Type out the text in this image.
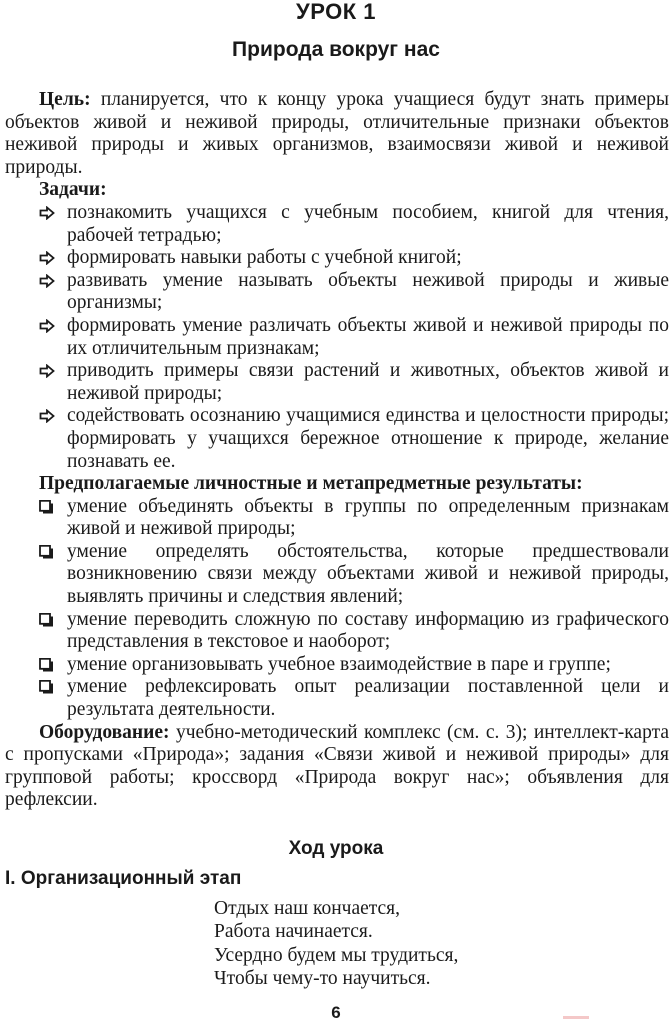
УРОК 1
Природа вокруг нас

Цель: планируется, что к концу урока учащиеся будут знать примеры объектов живой и неживой природы, отличительные признаки объектов неживой природы и живых организмов, взаимосвязи живой и неживой природы.

Задачи:

познакомить учащихся с учебным пособием, книгой для чтения, рабочей тетрадью;
формировать навыки работы с учебной книгой;
развивать умение называть объекты неживой природы и живые организмы;
формировать умение различать объекты живой и неживой природы по их отличительным признакам;
приводить примеры связи растений и животных, объектов живой и неживой природы;
содействовать осознанию учащимися единства и целостности природы; формировать у учащихся бережное отношение к природе, желание познавать ее.

Предполагаемые личностные и метапредметные результаты:

умение объединять объекты в группы по определенным признакам живой и неживой природы;
умение определять обстоятельства, которые предшествовали возникновению связи между объектами живой и неживой природы, выявлять причины и следствия явлений;
умение переводить сложную по составу информацию из графического представления в текстовое и наоборот;
умение организовывать учебное взаимодействие в паре и группе;
умение рефлексировать опыт реализации поставленной цели и результата деятельности.

Оборудование: учебно-методический комплекс (см. с. 3); интеллект-карта с пропусками «Природа»; задания «Связи живой и неживой природы» для групповой работы; кроссворд «Природа вокруг нас»; объявления для рефлексии.

Ход урока
I. Организационный этап
Отдых наш кончается,
Работа начинается.
Усердно будем мы трудиться,
Чтобы чему-то научиться.
6
